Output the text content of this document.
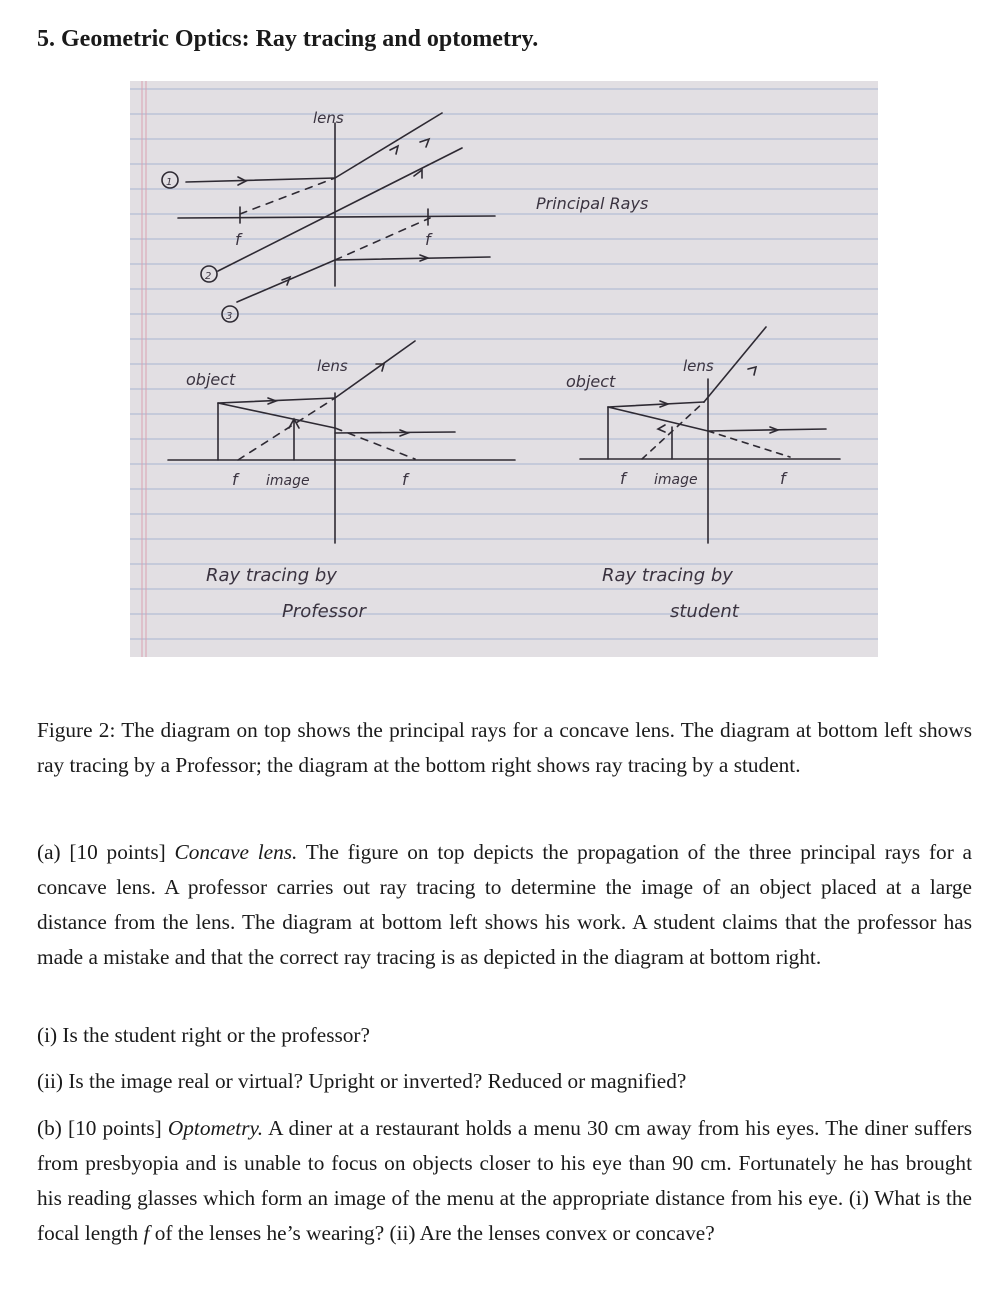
5. Geometric Optics: Ray tracing and optometry.
lens
Principal Rays
f	f
1
2
3
object
lens
f image	f
Ray tracing by
Professor
object
lens
f image	f
Ray tracing by
student

Figure 2: The diagram on top shows the principal rays for a concave lens. The diagram at bottom left shows ray tracing by a Professor; the diagram at the bottom right shows ray tracing by a student.

(a) [10 points] Concave lens. The figure on top depicts the propagation of the three principal rays for a concave lens. A professor carries out ray tracing to determine the image of an object placed at a large distance from the lens. The diagram at bottom left shows his work. A student claims that the professor has made a mistake and that the correct ray tracing is as depicted in the diagram at bottom right.

(i) Is the student right or the professor?
(ii) Is the image real or virtual? Upright or inverted? Reduced or magnified?

(b) [10 points] Optometry. A diner at a restaurant holds a menu 30 cm away from his eyes. The diner suffers from presbyopia and is unable to focus on objects closer to his eye than 90 cm. Fortunately he has brought his reading glasses which form an image of the menu at the appropriate distance from his eye. (i) What is the focal length f of the lenses he’s wearing? (ii) Are the lenses convex or concave?
